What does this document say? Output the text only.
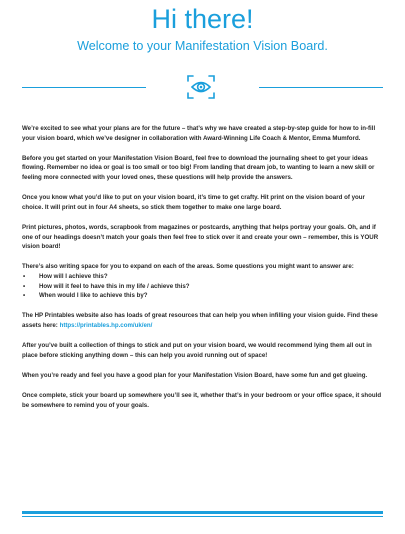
Hi there!
Welcome to your Manifestation Vision Board.

We’re excited to see what your plans are for the future – that’s why we have created a step-by-step guide for how to in-fill your vision board, which we’ve designer in collaboration with Award-Winning Life Coach & Mentor, Emma Mumford.

Before you get started on your Manifestation Vision Board, feel free to download the journaling sheet to get your ideas flowing. Remember no idea or goal is too small or too big! From landing that dream job, to wanting to learn a new skill or feeling more connected with your loved ones, these questions will help provide the answers.

Once you know what you’d like to put on your vision board, it’s time to get crafty. Hit print on the vision board of your choice. It will print out in four A4 sheets, so stick them together to make one large board.

Print pictures, photos, words, scrapbook from magazines or postcards, anything that helps portray your goals. Oh, and if one of our headings doesn’t match your goals then feel free to stick over it and create your own – remember, this is YOUR vision board!

There’s also writing space for you to expand on each of the areas. Some questions you might want to answer are:

• How will I achieve this?
• How will it feel to have this in my life / achieve this?
• When would I like to achieve this by?

The HP Printables website also has loads of great resources that can help you when infilling your vision guide. Find these assets here: https://printables.hp.com/uk/en/

After you’ve built a collection of things to stick and put on your vision board, we would recommend lying them all out in place before sticking anything down – this can help you avoid running out of space!

When you’re ready and feel you have a good plan for your Manifestation Vision Board, have some fun and get glueing.

Once complete, stick your board up somewhere you’ll see it, whether that’s in your bedroom or your office space, it should be somewhere to remind you of your goals.
